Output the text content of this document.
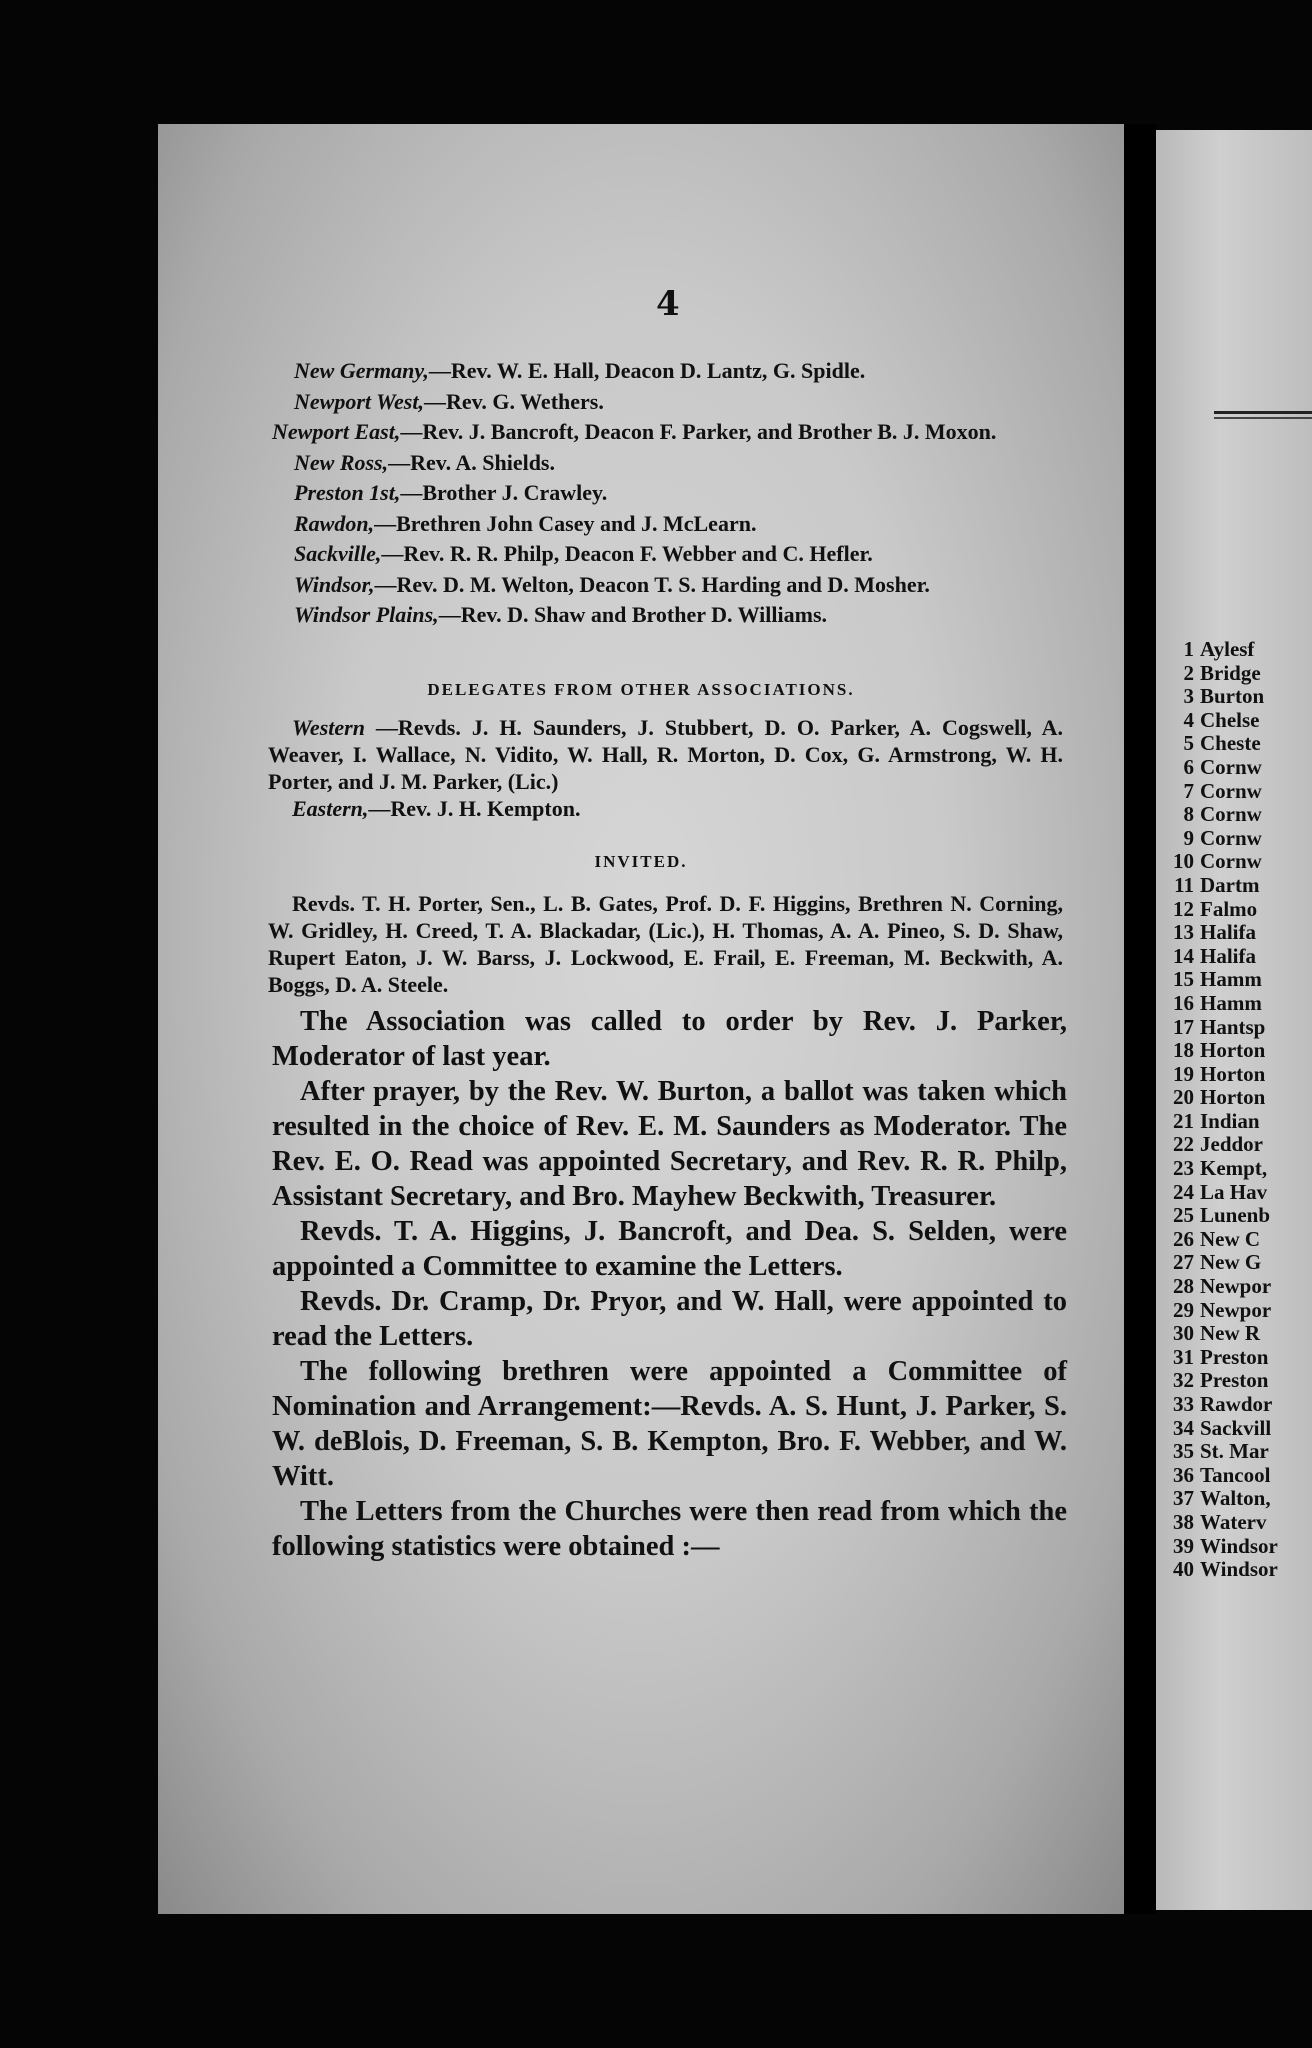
4
New Germany,—Rev. W. E. Hall, Deacon D. Lantz, G. Spidle.
Newport West,—Rev. G. Wethers.
Newport East,—Rev. J. Bancroft, Deacon F. Parker, and Brother B. J. Moxon.
New Ross,—Rev. A. Shields.
Preston 1st,—Brother J. Crawley.
Rawdon,—Brethren John Casey and J. McLearn.
Sackville,—Rev. R. R. Philp, Deacon F. Webber and C. Hefler.
Windsor,—Rev. D. M. Welton, Deacon T. S. Harding and D. Mosher.
Windsor Plains,—Rev. D. Shaw and Brother D. Williams.
DELEGATES FROM OTHER ASSOCIATIONS.

Western —Revds. J. H. Saunders, J. Stubbert, D. O. Parker, A. Cogswell, A. Weaver, I. Wallace, N. Vidito, W. Hall, R. Morton, D. Cox, G. Armstrong, W. H. Porter, and J. M. Parker, (Lic.)

Eastern,—Rev. J. H. Kempton.

INVITED.

Revds. T. H. Porter, Sen., L. B. Gates, Prof. D. F. Higgins, Brethren N. Corning, W. Gridley, H. Creed, T. A. Blackadar, (Lic.), H. Thomas, A. A. Pineo, S. D. Shaw, Rupert Eaton, J. W. Barss, J. Lockwood, E. Frail, E. Freeman, M. Beckwith, A. Boggs, D. A. Steele.

The Association was called to order by Rev. J. Parker, Moderator of last year.

After prayer, by the Rev. W. Burton, a ballot was taken which resulted in the choice of Rev. E. M. Saunders as Moderator. The Rev. E. O. Read was appointed Secretary, and Rev. R. R. Philp, Assistant Secretary, and Bro. Mayhew Beckwith, Treasurer.

Revds. T. A. Higgins, J. Bancroft, and Dea. S. Selden, were appointed a Committee to examine the Letters.

Revds. Dr. Cramp, Dr. Pryor, and W. Hall, were appointed to read the Letters.

The following brethren were appointed a Committee of Nomination and Arrangement:—Revds. A. S. Hunt, J. Parker, S. W. deBlois, D. Freeman, S. B. Kempton, Bro. F. Webber, and W. Witt.

The Letters from the Churches were then read from which the following statistics were obtained :—

1 Aylesf
2 Bridge
3 Burton
4 Chelse
5 Cheste
6 Cornw
7 Cornw
8 Cornw
9 Cornw
10 Cornw
11 Dartm
12 Falmo
13 Halifa
14 Halifa
15 Hamm
16 Hamm
17 Hantsp
18 Horton
19 Horton
20 Horton
21 Indian
22 Jeddor
23 Kempt,
24 La Hav
25 Lunenb
26 New C
27 New G
28 Newpor
29 Newpor
30 New R
31 Preston
32 Preston
33 Rawdor
34 Sackvill
35 St. Mar
36 Tancool
37 Walton,
38 Waterv
39 Windsor
40 Windsor
